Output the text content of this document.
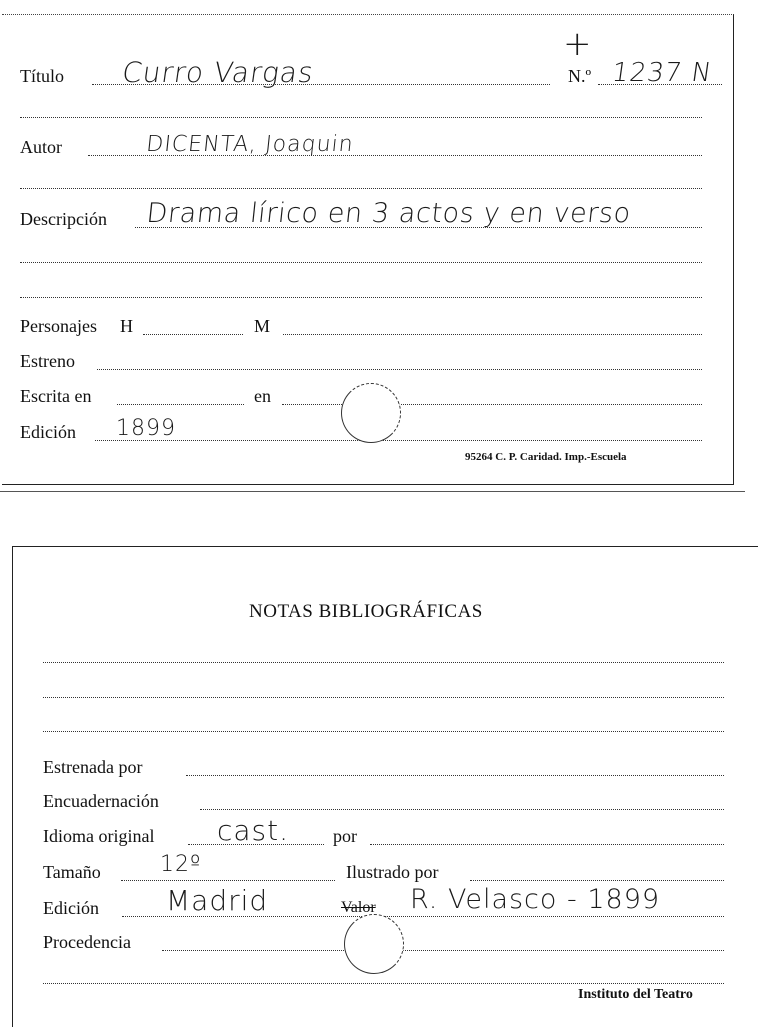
+
Título Curro Vargas	N.º 1237 N
Autor	DICENTA, Joaquin
Descripción Drama lírico en 3 actos y en verso
Personajes H	M
Estreno
Escrita en	en
Edición 1899
95264 C. P. Caridad. Imp.-Escuela
NOTAS BIBLIOGRÁFICAS
Estrenada por
Encuadernación
Idioma original cast. por
Tamaño	12º	Ilustrado por
Edición Madrid	Valor R. Velasco - 1899
Procedencia
Instituto del Teatro
